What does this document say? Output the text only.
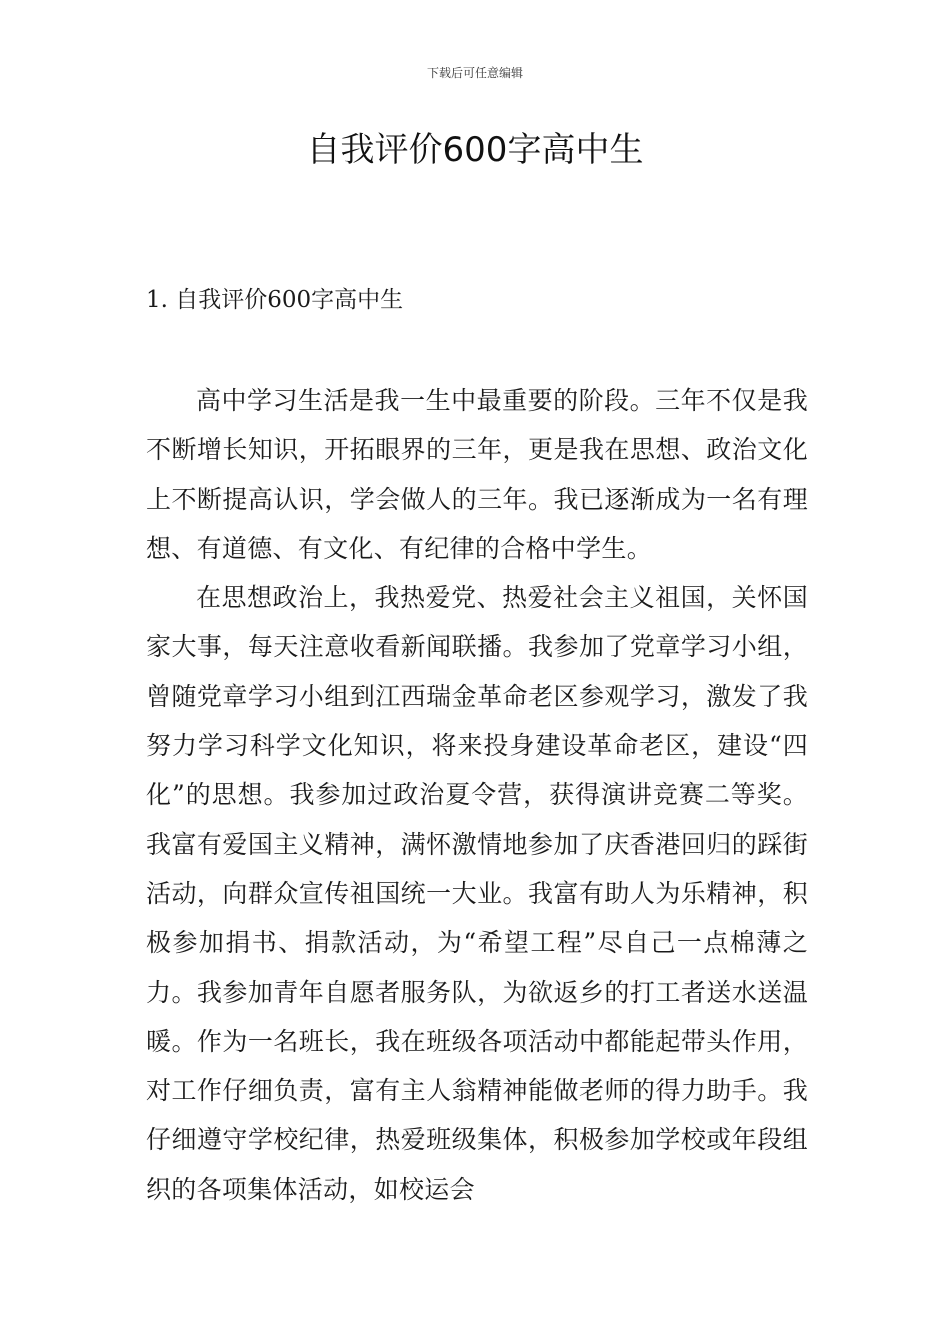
下载后可任意编辑
自我评价600字高中生
1. 自我评价600字高中生

高中学习生活是我一生中最重要的阶段。三年不仅是我不断增长知识，开拓眼界的三年，更是我在思想、政治文化上不断提高认识，学会做人的三年。我已逐渐成为一名有理想、有道德、有文化、有纪律的合格中学生。

在思想政治上，我热爱党、热爱社会主义祖国，关怀国家大事，每天注意收看新闻联播。我参加了党章学习小组，曾随党章学习小组到江西瑞金革命老区参观学习，激发了我努力学习科学文化知识，将来投身建设革命老区，建设“四化”的思想。我参加过政治夏令营，获得演讲竞赛二等奖。我富有爱国主义精神，满怀激情地参加了庆香港回归的踩街活动，向群众宣传祖国统一大业。我富有助人为乐精神，积极参加捐书、捐款活动，为“希望工程”尽自己一点棉薄之力。我参加青年自愿者服务队，为欲返乡的打工者送水送温暖。作为一名班长，我在班级各项活动中都能起带头作用，对工作仔细负责，富有主人翁精神能做老师的得力助手。我仔细遵守学校纪律，热爱班级集体，积极参加学校或年段组织的各项集体活动，如校运会
